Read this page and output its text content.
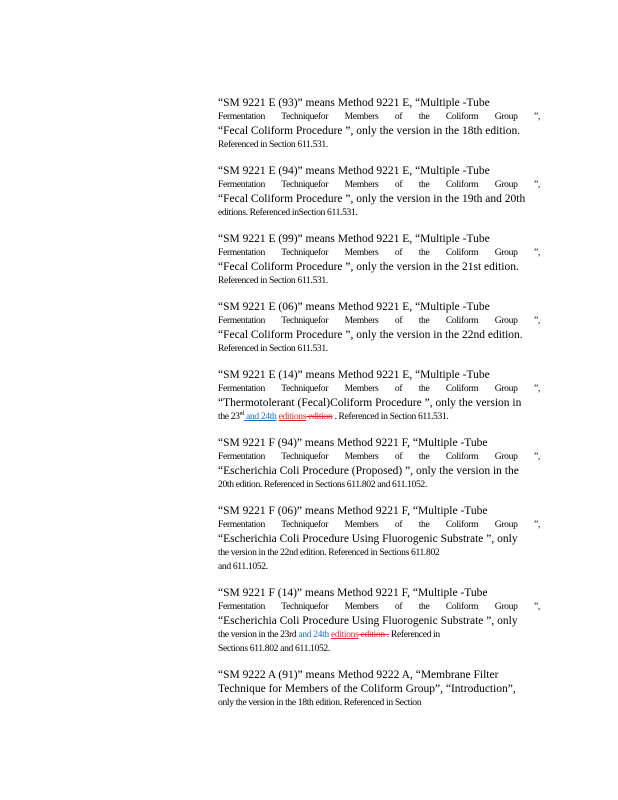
“SM 9221 E (93)” means Method 9221 E, “Multiple -Tube
Fermentation Techniquefor Members of the Coliform Group ”,
“Fecal Coliform Procedure ”, only the version in the 18th edition.
Referenced in Section 611.531.
“SM 9221 E (94)” means Method 9221 E, “Multiple -Tube
Fermentation Techniquefor Members of the Coliform Group ”,
“Fecal Coliform Procedure ”, only the version in the 19th and 20th
editions. Referenced inSection 611.531.
“SM 9221 E (99)” means Method 9221 E, “Multiple -Tube
Fermentation Techniquefor Members of the Coliform Group ”,
“Fecal Coliform Procedure ”, only the version in the 21st edition.
Referenced in Section 611.531.
“SM 9221 E (06)” means Method 9221 E, “Multiple -Tube
Fermentation Techniquefor Members of the Coliform Group ”,
“Fecal Coliform Procedure ”, only the version in the 22nd edition.
Referenced in Section 611.531.
“SM 9221 E (14)” means Method 9221 E, “Multiple -Tube
Fermentation Techniquefor Members of the Coliform Group ”,
“Thermotolerant (Fecal)Coliform Procedure ”, only the version in
the 23rd and 24th editions edition . Referenced in Section 611.531.
“SM 9221 F (94)” means Method 9221 F, “Multiple -Tube
Fermentation Techniquefor Members of the Coliform Group ”,
“Escherichia Coli Procedure (Proposed) ”, only the version in the
20th edition. Referenced in Sections 611.802 and 611.1052.
“SM 9221 F (06)” means Method 9221 F, “Multiple -Tube
Fermentation Techniquefor Members of the Coliform Group ”,
“Escherichia Coli Procedure Using Fluorogenic Substrate ”, only
the version in the 22nd edition. Referenced in Sections 611.802
and 611.1052.
“SM 9221 F (14)” means Method 9221 F, “Multiple -Tube
Fermentation Techniquefor Members of the Coliform Group ”,
“Escherichia Coli Procedure Using Fluorogenic Substrate ”, only
the version in the 23rd and 24th editions edition . Referenced in
Sections 611.802 and 611.1052.
“SM 9222 A (91)” means Method 9222 A, “Membrane Filter
Technique for Members of the Coliform Group”, “Introduction”,
only the version in the 18th edition. Referenced in Section
